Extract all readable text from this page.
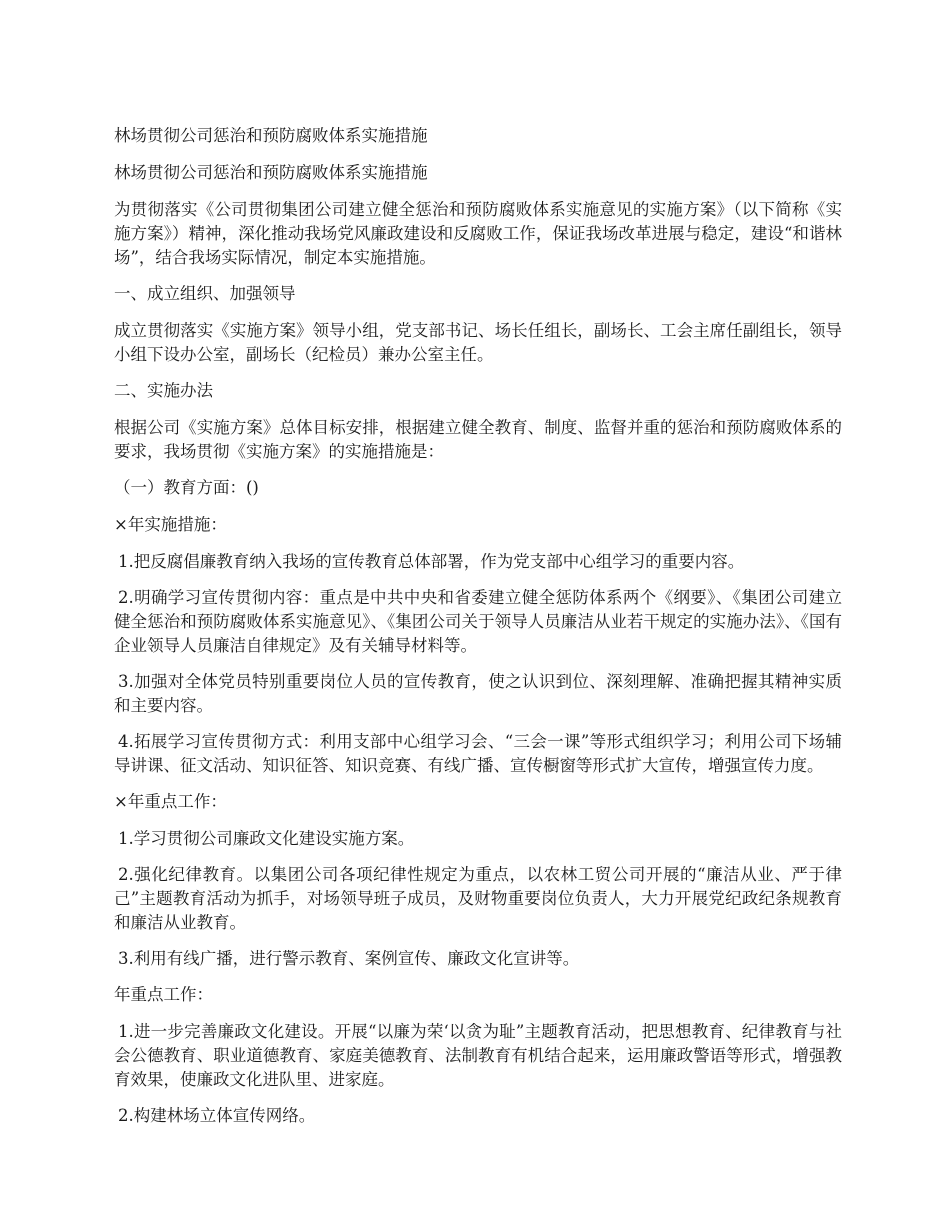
林场贯彻公司惩治和预防腐败体系实施措施

林场贯彻公司惩治和预防腐败体系实施措施

为贯彻落实《公司贯彻集团公司建立健全惩治和预防腐败体系实施意见的实施方案》（以下简称《实施方案》）精神，深化推动我场党风廉政建设和反腐败工作，保证我场改革进展与稳定，建设“和谐林场”，结合我场实际情况，制定本实施措施。

一、成立组织、加强领导

成立贯彻落实《实施方案》领导小组，党支部书记、场长任组长，副场长、工会主席任副组长，领导小组下设办公室，副场长（纪检员）兼办公室主任。

二、实施办法

根据公司《实施方案》总体目标安排，根据建立健全教育、制度、监督并重的惩治和预防腐败体系的要求，我场贯彻《实施方案》的实施措施是：

（一）教育方面：()

×年实施措施：

1.把反腐倡廉教育纳入我场的宣传教育总体部署，作为党支部中心组学习的重要内容。

2.明确学习宣传贯彻内容：重点是中共中央和省委建立健全惩防体系两个《纲要》、《集团公司建立健全惩治和预防腐败体系实施意见》、《集团公司关于领导人员廉洁从业若干规定的实施办法》、《国有企业领导人员廉洁自律规定》及有关辅导材料等。

3.加强对全体党员特别重要岗位人员的宣传教育，使之认识到位、深刻理解、准确把握其精神实质和主要内容。

4.拓展学习宣传贯彻方式：利用支部中心组学习会、“三会一课”等形式组织学习；利用公司下场辅导讲课、征文活动、知识征答、知识竞赛、有线广播、宣传橱窗等形式扩大宣传，增强宣传力度。

×年重点工作：

1.学习贯彻公司廉政文化建设实施方案。

2.强化纪律教育。以集团公司各项纪律性规定为重点，以农林工贸公司开展的“廉洁从业、严于律己”主题教育活动为抓手，对场领导班子成员，及财物重要岗位负责人，大力开展党纪政纪条规教育和廉洁从业教育。

3.利用有线广播，进行警示教育、案例宣传、廉政文化宣讲等。

年重点工作：

1.进一步完善廉政文化建设。开展“以廉为荣‘以贪为耻”主题教育活动，把思想教育、纪律教育与社会公德教育、职业道德教育、家庭美德教育、法制教育有机结合起来，运用廉政警语等形式，增强教育效果，使廉政文化进队里、进家庭。

2.构建林场立体宣传网络。
